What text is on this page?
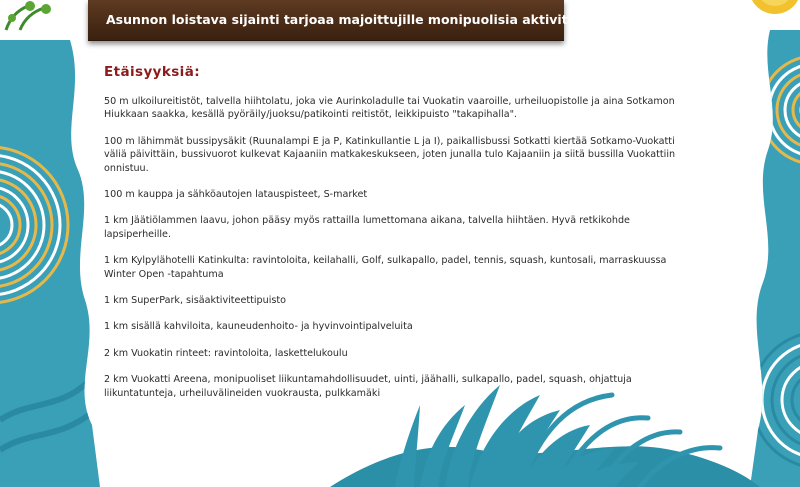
Asunnon loistava sijainti tarjoaa majoittujille monipuolisia aktiviteetteja
Etäisyyksiä:

50 m ulkoilureitistöt, talvella hiihtolatu, joka vie Aurinkoladulle tai Vuokatin vaaroille, urheiluopistolle ja aina Sotkamon Hiukkaan saakka, kesällä pyöräily/juoksu/patikointi reitistöt, leikkipuisto "takapihalla".

100 m lähimmät bussipysäkit (Ruunalampi E ja P, Katinkullantie L ja I), paikallisbussi Sotkatti kiertää Sotkamo-Vuokatti väliä päivittäin, bussivuorot kulkevat Kajaaniin matkakeskukseen, joten junalla tulo Kajaaniin ja siitä bussilla Vuokattiin onnistuu.

100 m kauppa ja sähköautojen latauspisteet, S-market

1 km Jäätiölammen laavu, johon pääsy myös rattailla lumettomana aikana, talvella hiihtäen. Hyvä retkikohde lapsiperheille.

1 km Kylpylähotelli Katinkulta: ravintoloita, keilahalli, Golf, sulkapallo, padel, tennis, squash, kuntosali, marraskuussa Winter Open -tapahtuma

1 km SuperPark, sisäaktiviteettipuisto

1 km sisällä kahviloita, kauneudenhoito- ja hyvinvointipalveluita

2 km Vuokatin rinteet: ravintoloita, laskettelukoulu

2 km Vuokatti Areena, monipuoliset liikuntamahdollisuudet, uinti, jäähalli, sulkapallo, padel, squash, ohjattuja liikuntatunteja, urheiluvälineiden vuokrausta, pulkkamäki
